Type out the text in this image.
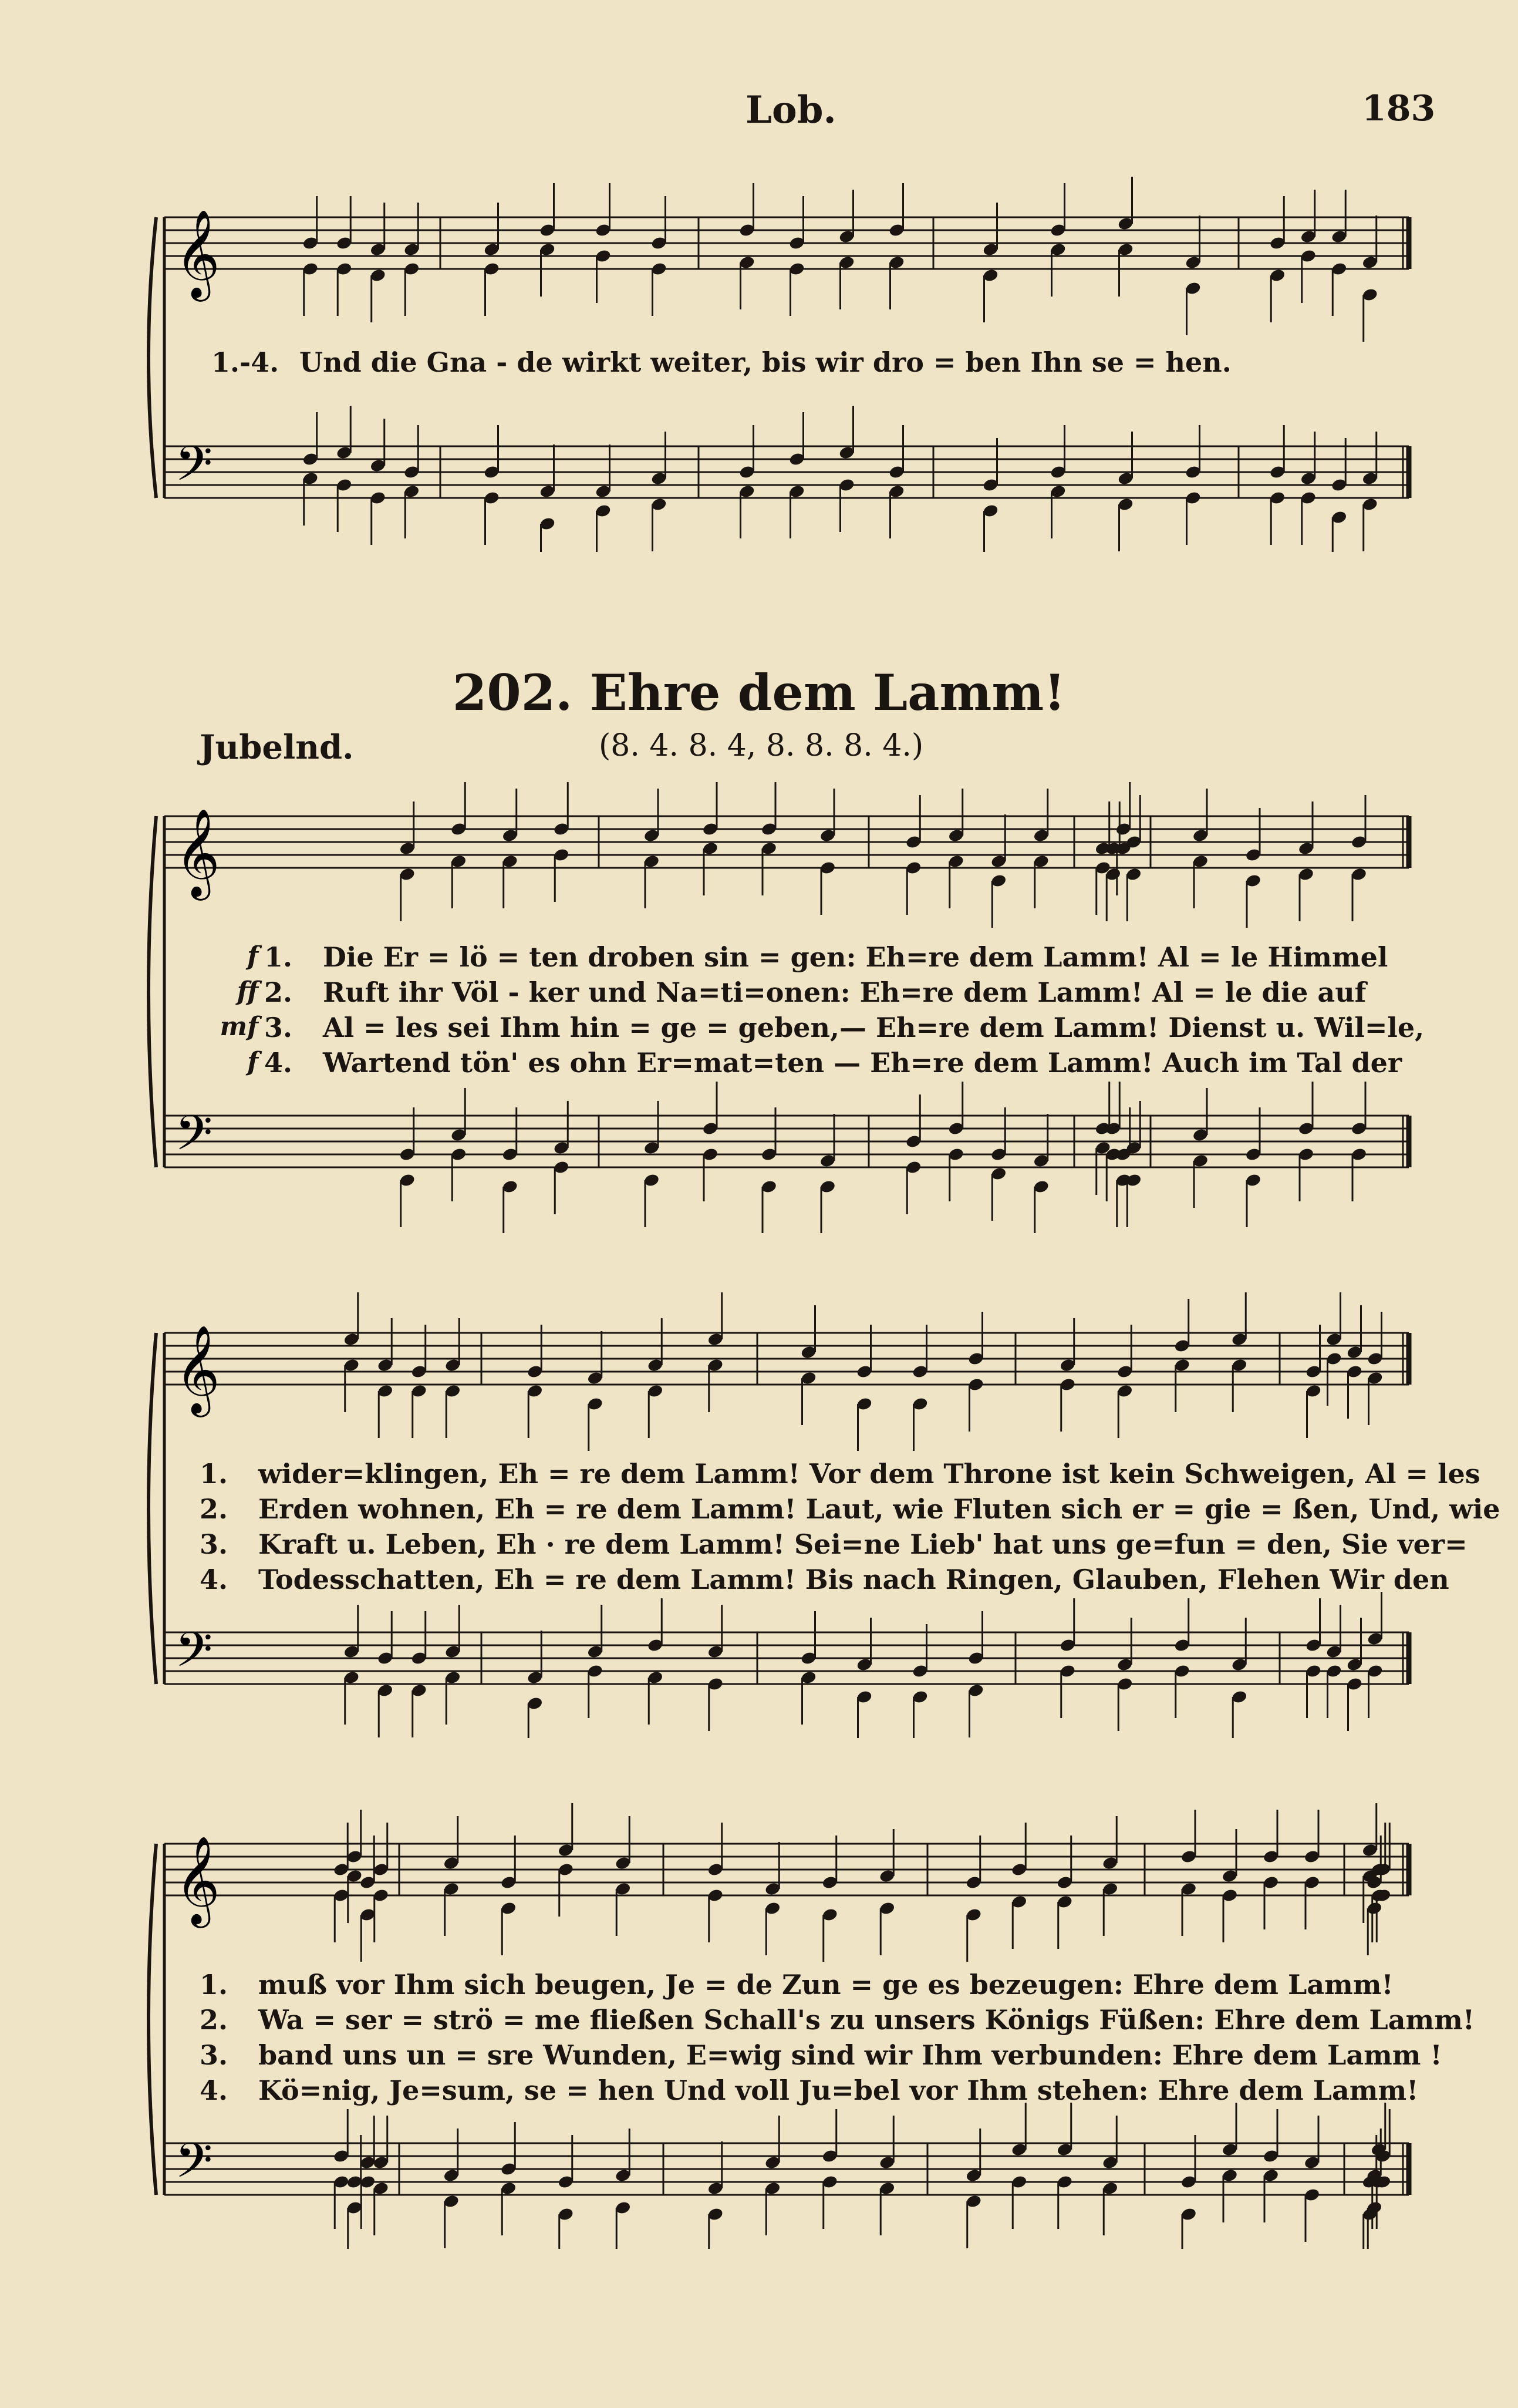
Lob.	183
𝄞
𝄢
1.-4. Und die Gna - de wirkt weiter, bis wir dro = ben Ihn se = hen.
202. Ehre dem Lamm!
Jubelnd.	(8. 4. 8. 4, 8. 8. 8. 4.)
𝄞
𝄢
f 1.	Die Er = lö = ten droben sin = gen: Eh=re dem Lamm! Al = le Himmel
ff 2.	Ruft ihr Völ - ker und Na=ti=onen: Eh=re dem Lamm! Al = le die auf
mf 3.	Al = les sei Ihm hin = ge = geben,— Eh=re dem Lamm! Dienst u. Wil=le,
f 4.	Wartend tön' es ohn Er=mat=ten — Eh=re dem Lamm! Auch im Tal der
𝄞
𝄢
1.	wider=klingen, Eh = re dem Lamm! Vor dem Throne ist kein Schweigen, Al = les
2.	Erden wohnen, Eh = re dem Lamm! Laut, wie Fluten sich er = gie = ßen, Und, wie
3.	Kraft u. Leben, Eh · re dem Lamm! Sei=ne Lieb' hat uns ge=fun = den, Sie ver=
4.	Todesschatten, Eh = re dem Lamm! Bis nach Ringen, Glauben, Flehen Wir den
𝄞
𝄢
1.	muß vor Ihm sich beugen, Je = de Zun = ge es bezeugen: Ehre dem Lamm!
2.	Wa = ser = strö = me fließen Schall's zu unsers Königs Füßen: Ehre dem Lamm!
3.	band uns un = sre Wunden, E=wig sind wir Ihm verbunden: Ehre dem Lamm !
4.	Kö=nig, Je=sum, se = hen Und voll Ju=bel vor Ihm stehen: Ehre dem Lamm!
